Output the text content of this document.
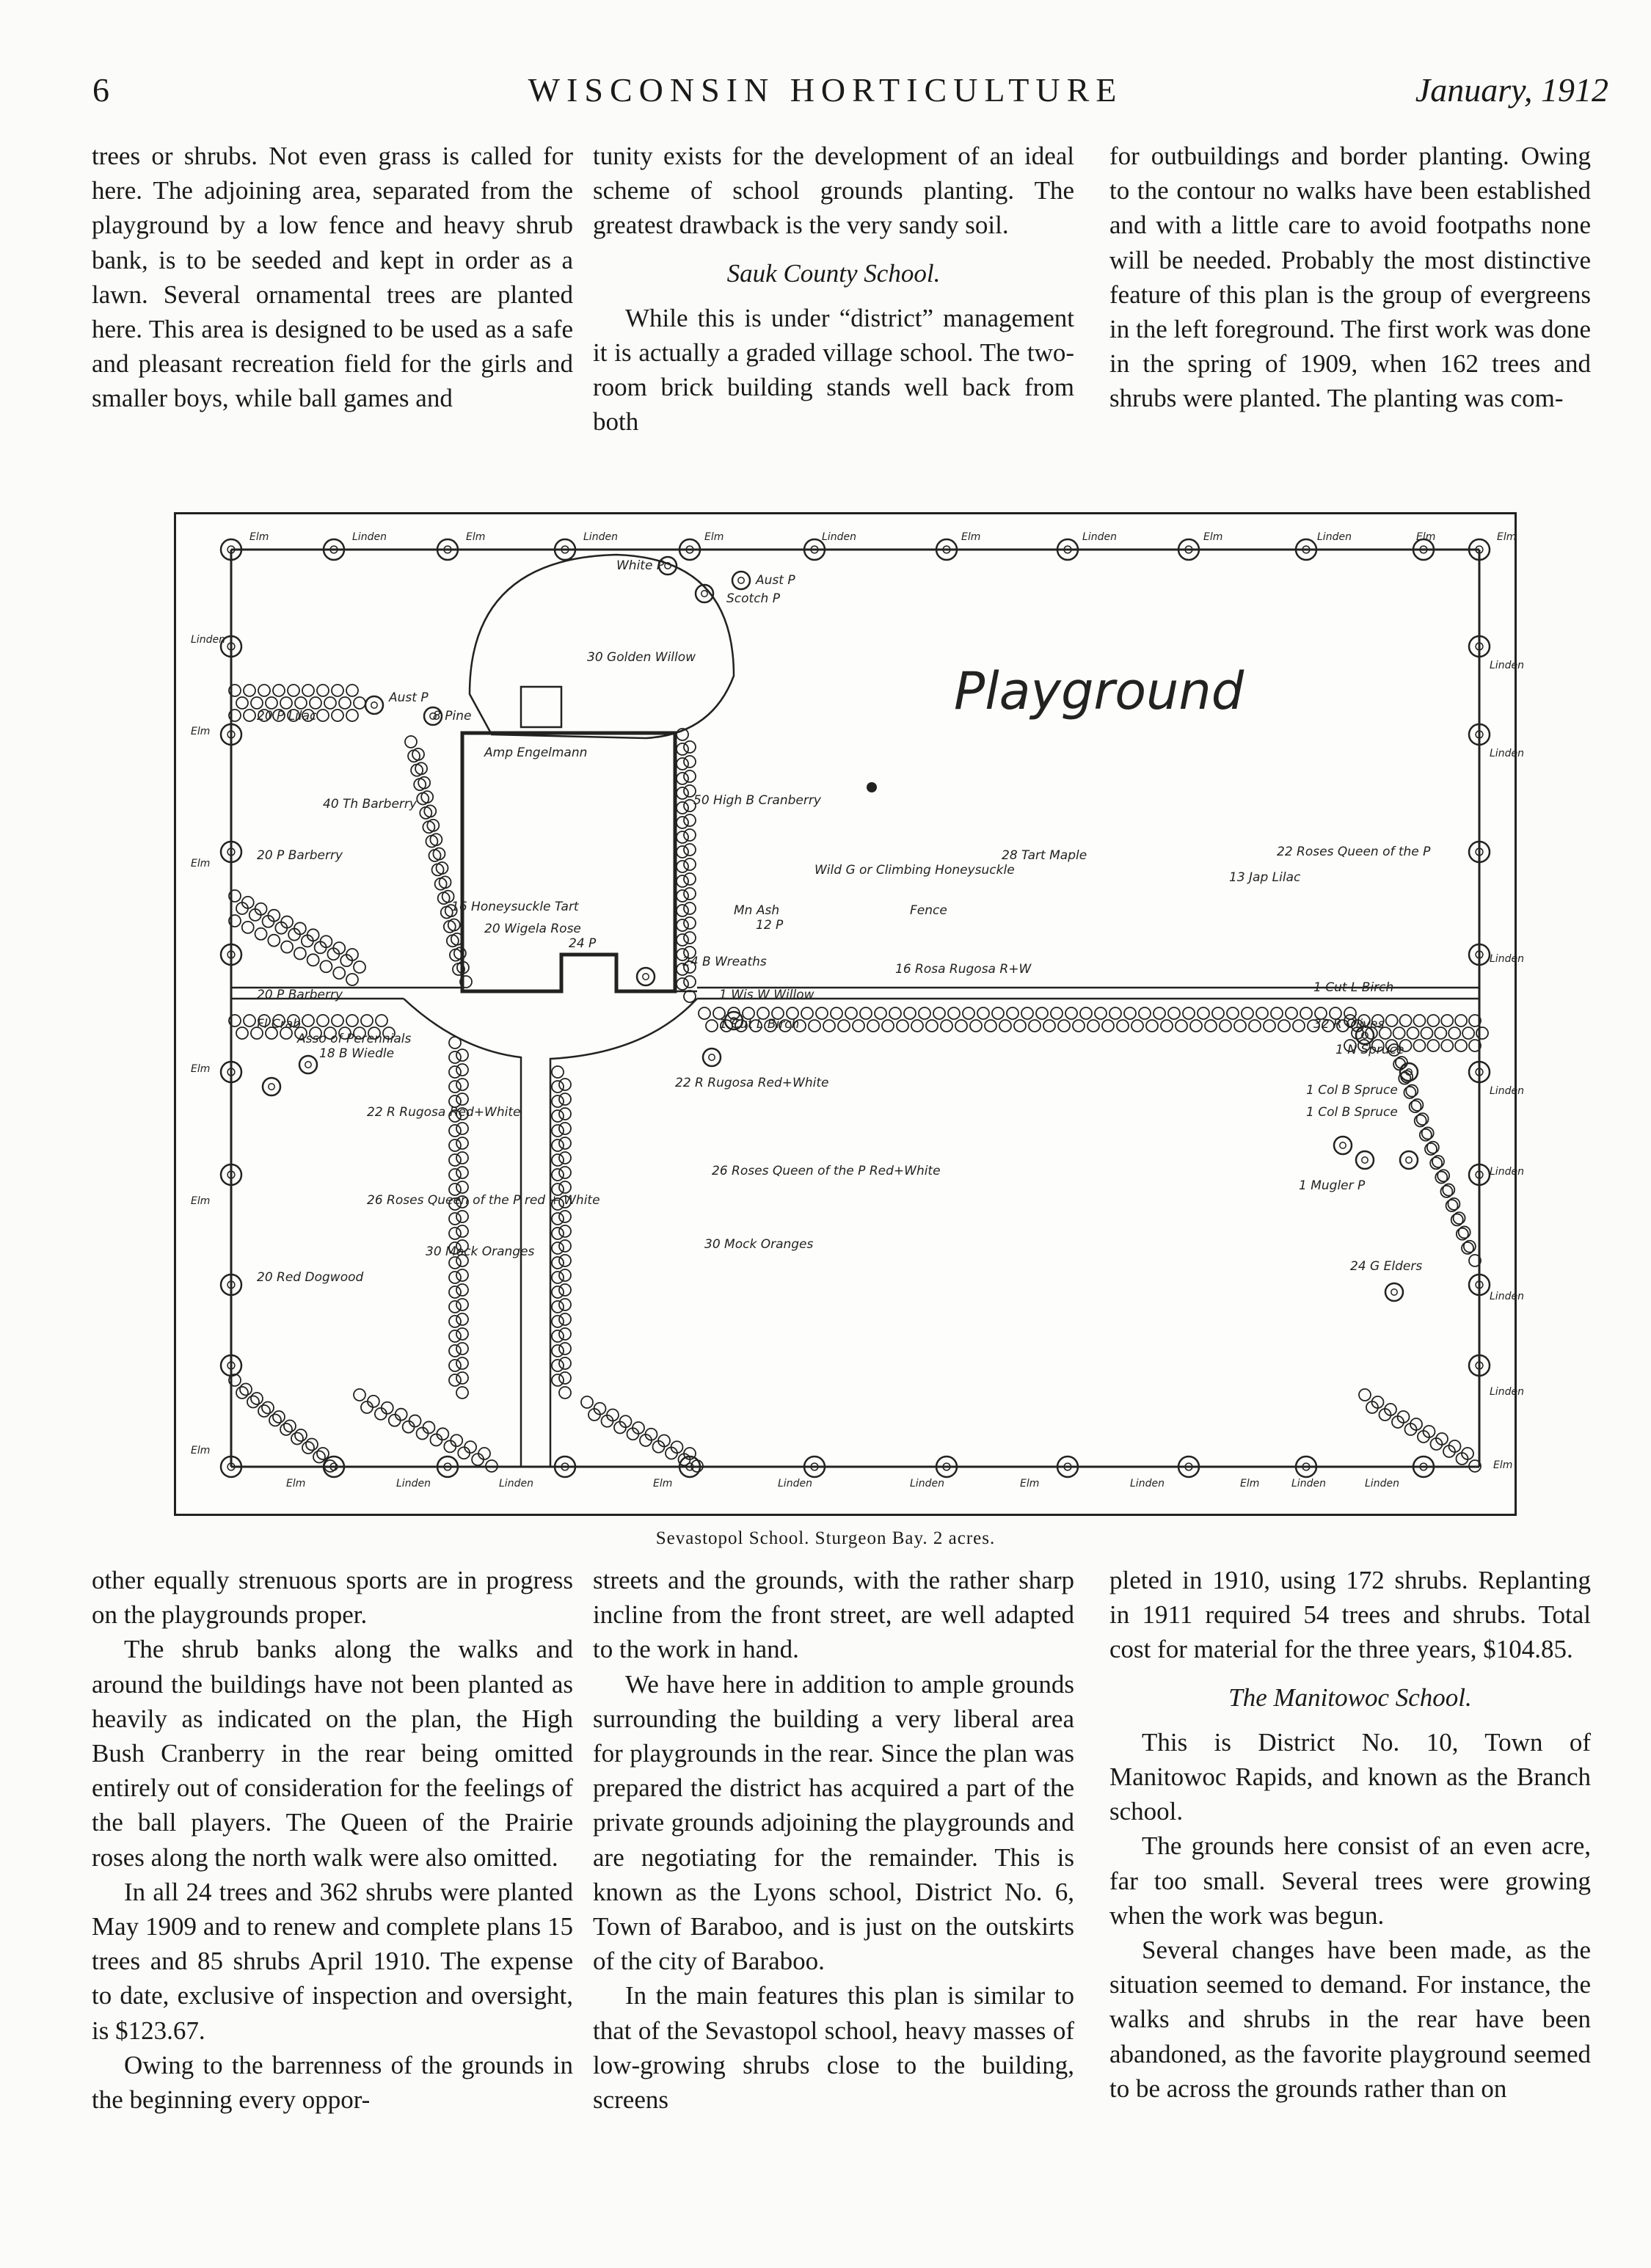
6	WISCONSIN HORTICULTURE	January, 1912

trees or shrubs. Not even grass is called for here. The adjoining area, separated from the playground by a low fence and heavy shrub bank, is to be seeded and kept in order as a lawn. Several ornamental trees are planted here. This area is designed to be used as a safe and pleasant recreation field for the girls and smaller boys, while ball games and

tunity exists for the development of an ideal scheme of school grounds planting. The greatest drawback is the very sandy soil.

Sauk County School.

While this is under “district” management it is actually a graded village school. The two-room brick building stands well back from both

for outbuildings and border planting. Owing to the contour no walks have been established and with a little care to avoid footpaths none will be needed. Probably the most distinctive feature of this plan is the group of evergreens in the left foreground. The first work was done in the spring of 1909, when 162 trees and shrubs were planted. The planting was com-

Elm	Linden	Elm	Linden	Elm	Linden	Elm	Linden	Elm	Linden	Elm	Elm
Playground
White P
Aust P
Scotch P
30 Golden Willow
Aust P
20 P Lilac	8 Pine
Amp Engelmann
40 Th Barberry
20 P Barberry
16 Honeysuckle Tart
20 Wigela Rose
24 P
50 High B Cranberry
Wild G or Climbing Honeysuckle
Mn Ash
12 P
Fence
28 Tart Maple
13 Jap Lilac
22 Roses Queen of the P
24 B Wreaths	16 Rosa Rugosa R+W
1 Wis W Willow
1 Cut L Birch
20 P Barberry
Fl Crab
Asso of Perennials
18 B Wiedle
22 R Rugosa Red+White
22 R Rugosa Red+White
26 Roses Queen of the P Red+White
30 Mock Oranges
26 Roses Queen of the P red + White
30 Mock Oranges
20 Red Dogwood
1 Cut L Birch
32 R Olives
1 N Spruce
1 Col B Spruce
1 Col B Spruce
1 Mugler P
24 G Elders
Linden
Linden
Linden
Linden
Linden
Linden
Linden
Linden
Elm
Elm
Elm
Elm
Elm
Elm
Elm	Linden	Linden	Linden
Linden	Elm	Elm	Elm	Linden
Linden	Linden
Sevastopol School. Sturgeon Bay. 2 acres.

other equally strenuous sports are in progress on the playgrounds proper.

The shrub banks along the walks and around the buildings have not been planted as heavily as indicated on the plan, the High Bush Cranberry in the rear being omitted entirely out of consideration for the feelings of the ball players. The Queen of the Prairie roses along the north walk were also omitted.

In all 24 trees and 362 shrubs were planted May 1909 and to renew and complete plans 15 trees and 85 shrubs April 1910. The expense to date, exclusive of inspection and oversight, is $123.67.

Owing to the barrenness of the grounds in the beginning every oppor-

streets and the grounds, with the rather sharp incline from the front street, are well adapted to the work in hand.

We have here in addition to ample grounds surrounding the building a very liberal area for playgrounds in the rear. Since the plan was prepared the district has acquired a part of the private grounds adjoining the playgrounds and are negotiating for the remainder. This is known as the Lyons school, District No. 6, Town of Baraboo, and is just on the outskirts of the city of Baraboo.

In the main features this plan is similar to that of the Sevastopol school, heavy masses of low-growing shrubs close to the building, screens

pleted in 1910, using 172 shrubs. Replanting in 1911 required 54 trees and shrubs. Total cost for material for the three years, $104.85.

The Manitowoc School.

This is District No. 10, Town of Manitowoc Rapids, and known as the Branch school.

The grounds here consist of an even acre, far too small. Several trees were growing when the work was begun.

Several changes have been made, as the situation seemed to demand. For instance, the walks and shrubs in the rear have been abandoned, as the favorite playground seemed to be across the grounds rather than on
